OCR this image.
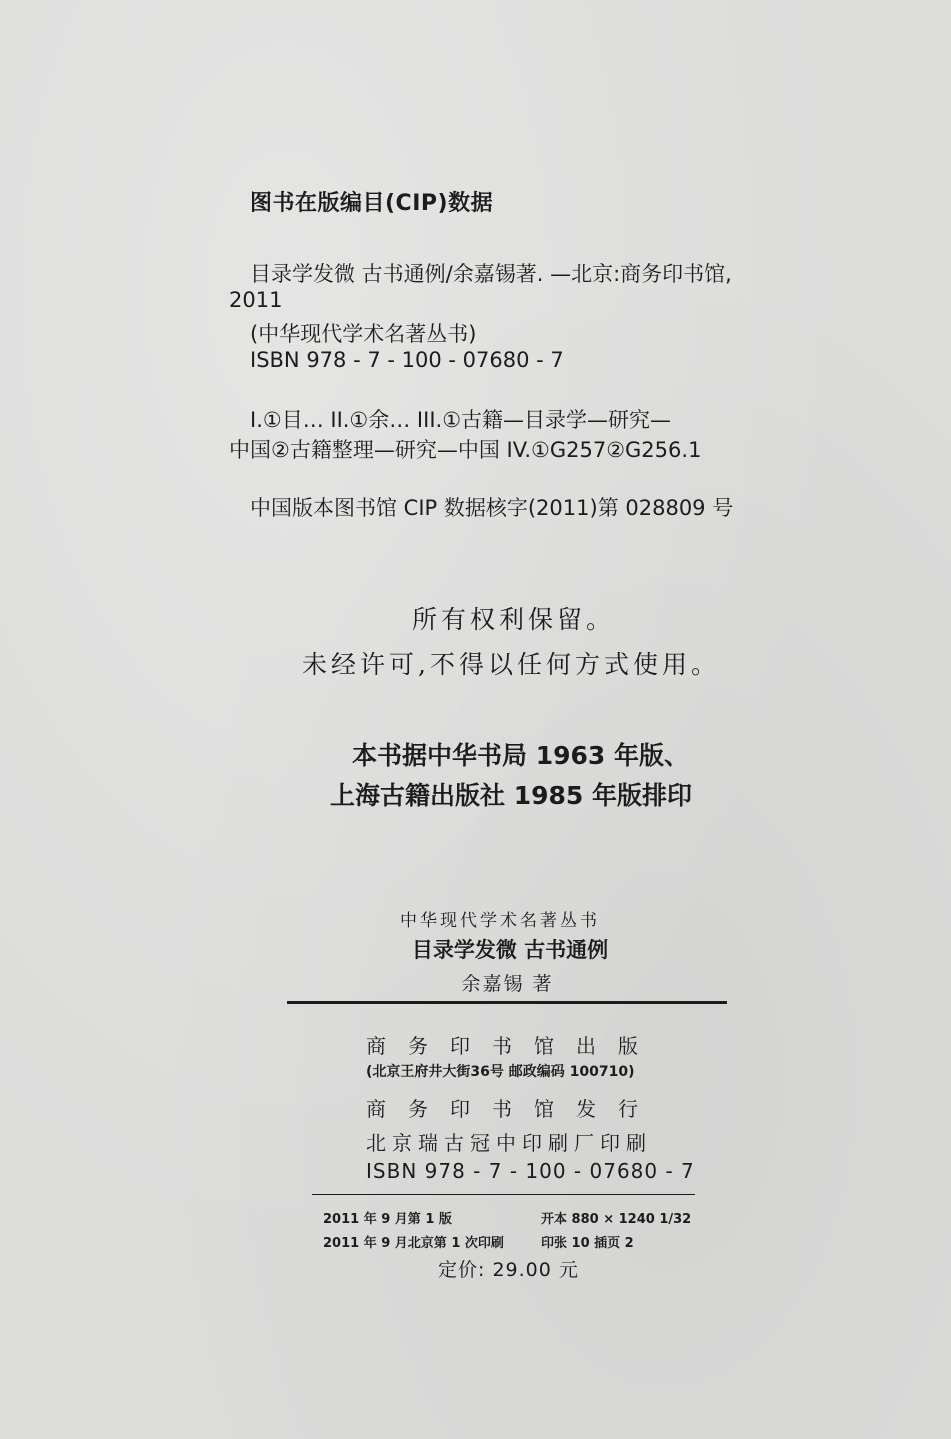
图书在版编目(CIP)数据
目录学发微 古书通例/余嘉锡著. —北京:商务印书馆,
2011
(中华现代学术名著丛书)
ISBN 978 - 7 - 100 - 07680 - 7
I.①目… II.①余… III.①古籍—目录学—研究—
中国②古籍整理—研究—中国 IV.①G257②G256.1
中国版本图书馆 CIP 数据核字(2011)第 028809 号
所有权利保留。
未经许可,不得以任何方式使用。
本书据中华书局 1963 年版、
上海古籍出版社 1985 年版排印
中华现代学术名著丛书
目录学发微 古书通例
余嘉锡 著
商务印书馆出版
(北京王府井大街36号 邮政编码 100710)
商务印书馆发行
北京瑞古冠中印刷厂印刷
ISBN 978 - 7 - 100 - 07680 - 7
2011 年 9 月第 1 版	开本 880 × 1240 1/32
2011 年 9 月北京第 1 次印刷	印张 10 插页 2
定价: 29.00 元
